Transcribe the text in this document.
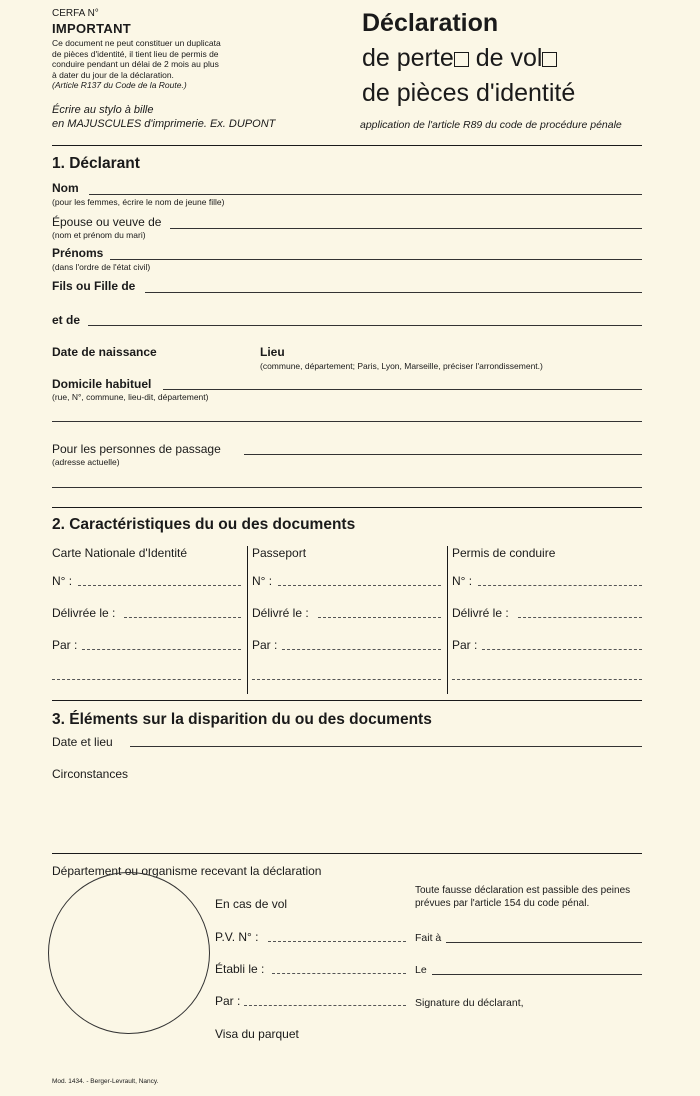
CERFA N°
IMPORTANT
Ce document ne peut constituer un duplicata
de pièces d'identité, il tient lieu de permis de
conduire pendant un délai de 2 mois au plus
à dater du jour de la déclaration.
(Article R137 du Code de la Route.)
Écrire au stylo à bille
en MAJUSCULES d'imprimerie. Ex. DUPONT
Déclaration
de perte de vol
de pièces d'identité
application de l'article R89 du code de procédure pénale
1. Déclarant
Nom
(pour les femmes, écrire le nom de jeune fille)
Épouse ou veuve de
(nom et prénom du mari)
Prénoms
(dans l'ordre de l'état civil)
Fils ou Fille de
et de
Date de naissance	Lieu
(commune, département; Paris, Lyon, Marseille, préciser l'arrondissement.)
Domicile habituel
(rue, N°, commune, lieu-dit, département)
Pour les personnes de passage
(adresse actuelle)
2. Caractéristiques du ou des documents
Carte Nationale d'Identité
N° :
Délivrée le :
Par :
Passeport
N° :
Délivré le :
Par :
Permis de conduire
N° :
Délivré le :
Par :
3. Éléments sur la disparition du ou des documents
Date et lieu
Circonstances
Département ou organisme recevant la déclaration
En cas de vol
P.V. N° :
Établi le :
Par :
Visa du parquet
Toute fausse déclaration est passible des peines
prévues par l'article 154 du code pénal.
Fait à
Le
Signature du déclarant,
Mod. 1434. - Berger-Levrault, Nancy.
